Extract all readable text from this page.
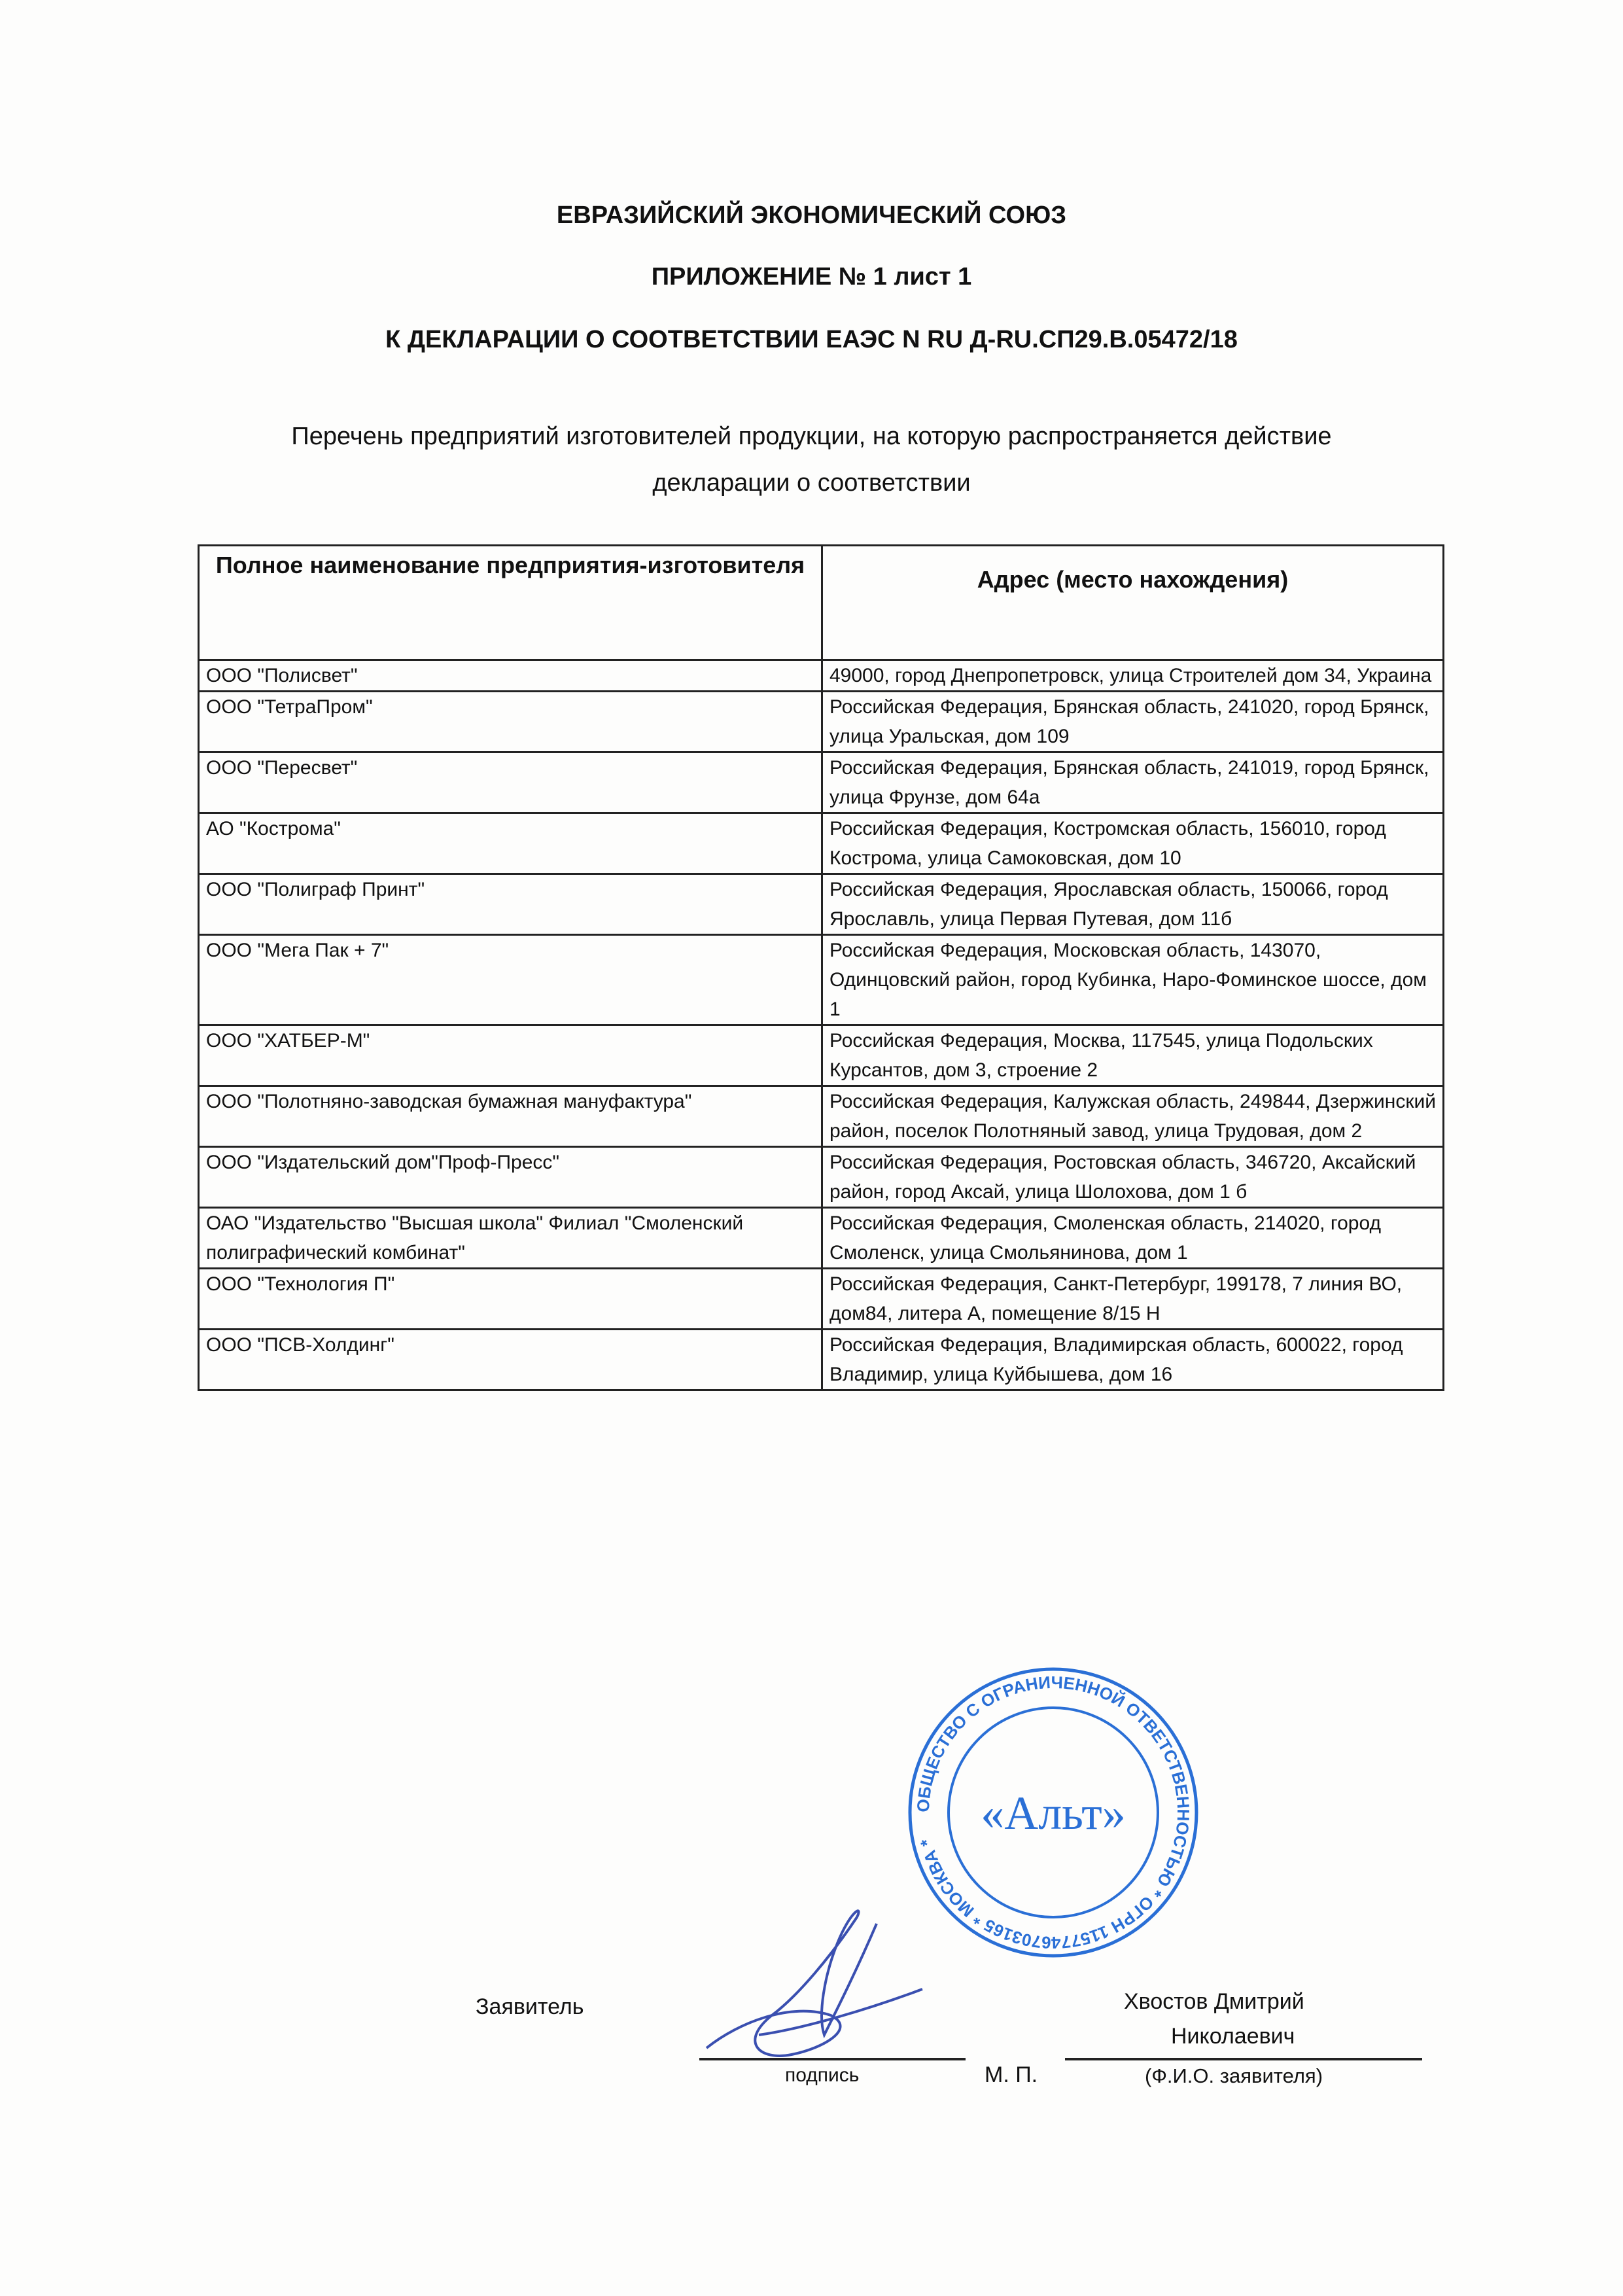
ЕВРАЗИЙСКИЙ ЭКОНОМИЧЕСКИЙ СОЮЗ
ПРИЛОЖЕНИЕ № 1 лист 1
К ДЕКЛАРАЦИИ О СООТВЕТСТВИИ ЕАЭС N RU Д-RU.СП29.В.05472/18
Перечень предприятий изготовителей продукции, на которую распространяется действие
декларации о соответствии
Полное наименование предприятия-изготовителя	Адрес (место нахождения)
ООО "Полисвет"	49000, город Днепропетровск, улица Строителей дом 34, Украина
ООО "ТетраПром"	Российская Федерация, Брянская область, 241020, город Брянск, улица Уральская, дом 109
ООО "Пересвет"	Российская Федерация, Брянская область, 241019, город Брянск, улица Фрунзе, дом 64а
АО "Кострома"	Российская Федерация, Костромская область, 156010, город Кострома, улица Самоковская, дом 10
ООО "Полиграф Принт"	Российская Федерация, Ярославская область, 150066, город Ярославль, улица Первая Путевая, дом 11б
ООО "Мега Пак + 7"	Российская Федерация, Московская область, 143070, Одинцовский район, город Кубинка, Наро-Фоминское шоссе, дом 1
ООО "ХАТБЕР-М"	Российская Федерация, Москва, 117545, улица Подольских Курсантов, дом 3, строение 2
ООО "Полотняно-заводская бумажная мануфактура"	Российская Федерация, Калужская область, 249844, Дзержинский район, поселок Полотняный завод, улица Трудовая, дом 2
ООО "Издательский дом"Проф-Пресс"	Российская Федерация, Ростовская область, 346720, Аксайский район, город Аксай, улица Шолохова, дом 1 б
ОАО "Издательство "Высшая школа" Филиал "Смоленский полиграфический комбинат"	Российская Федерация, Смоленская область, 214020, город Смоленск, улица Смольянинова, дом 1
ООО "Технология П"	Российская Федерация, Санкт-Петербург, 199178, 7 линия ВО, дом84, литера А, помещение 8/15 Н
ООО "ПСВ-Холдинг"	Российская Федерация, Владимирская область, 600022, город Владимир, улица Куйбышева, дом 16
ОБЩЕСТВО С ОГРАНИЧЕННОЙ ОТВЕТСТВЕННОСТЬЮ * ОГРН 1157746703165 * МОСКВА *
«Альт»
Заявитель
подпись	М. П.	(Ф.И.О. заявителя)
Хвостов Дмитрий
Николаевич
